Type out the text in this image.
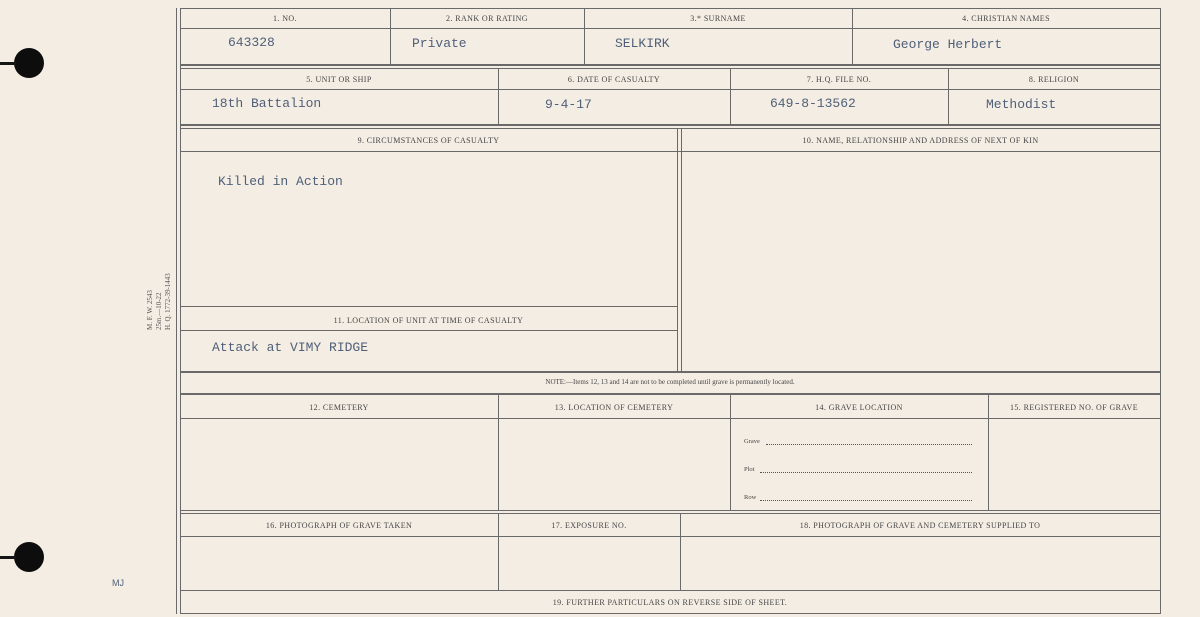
M. F. W. 2543 25m.—10-22 H. Q. 1772-39-1443
MJ
1. NO.	2. RANK OR RATING	3.* SURNAME	4. CHRISTIAN NAMES
643328	Private	SELKIRK	George Herbert
5. UNIT OR SHIP	6. DATE OF CASUALTY	7. H.Q. FILE NO.	8. RELIGION
18th Battalion	9-4-17	649-8-13562	Methodist
9. CIRCUMSTANCES OF CASUALTY	10. NAME, RELATIONSHIP AND ADDRESS OF NEXT OF KIN
Killed in Action
11. LOCATION OF UNIT AT TIME OF CASUALTY
Attack at VIMY RIDGE
NOTE:—Items 12, 13 and 14 are not to be completed until grave is permanently located.
12. CEMETERY	13. LOCATION OF CEMETERY	14. GRAVE LOCATION	15. REGISTERED NO. OF GRAVE
Grave
Plot
Row
16. PHOTOGRAPH OF GRAVE TAKEN	17. EXPOSURE NO.	18. PHOTOGRAPH OF GRAVE AND CEMETERY SUPPLIED TO
19. FURTHER PARTICULARS ON REVERSE SIDE OF SHEET.
